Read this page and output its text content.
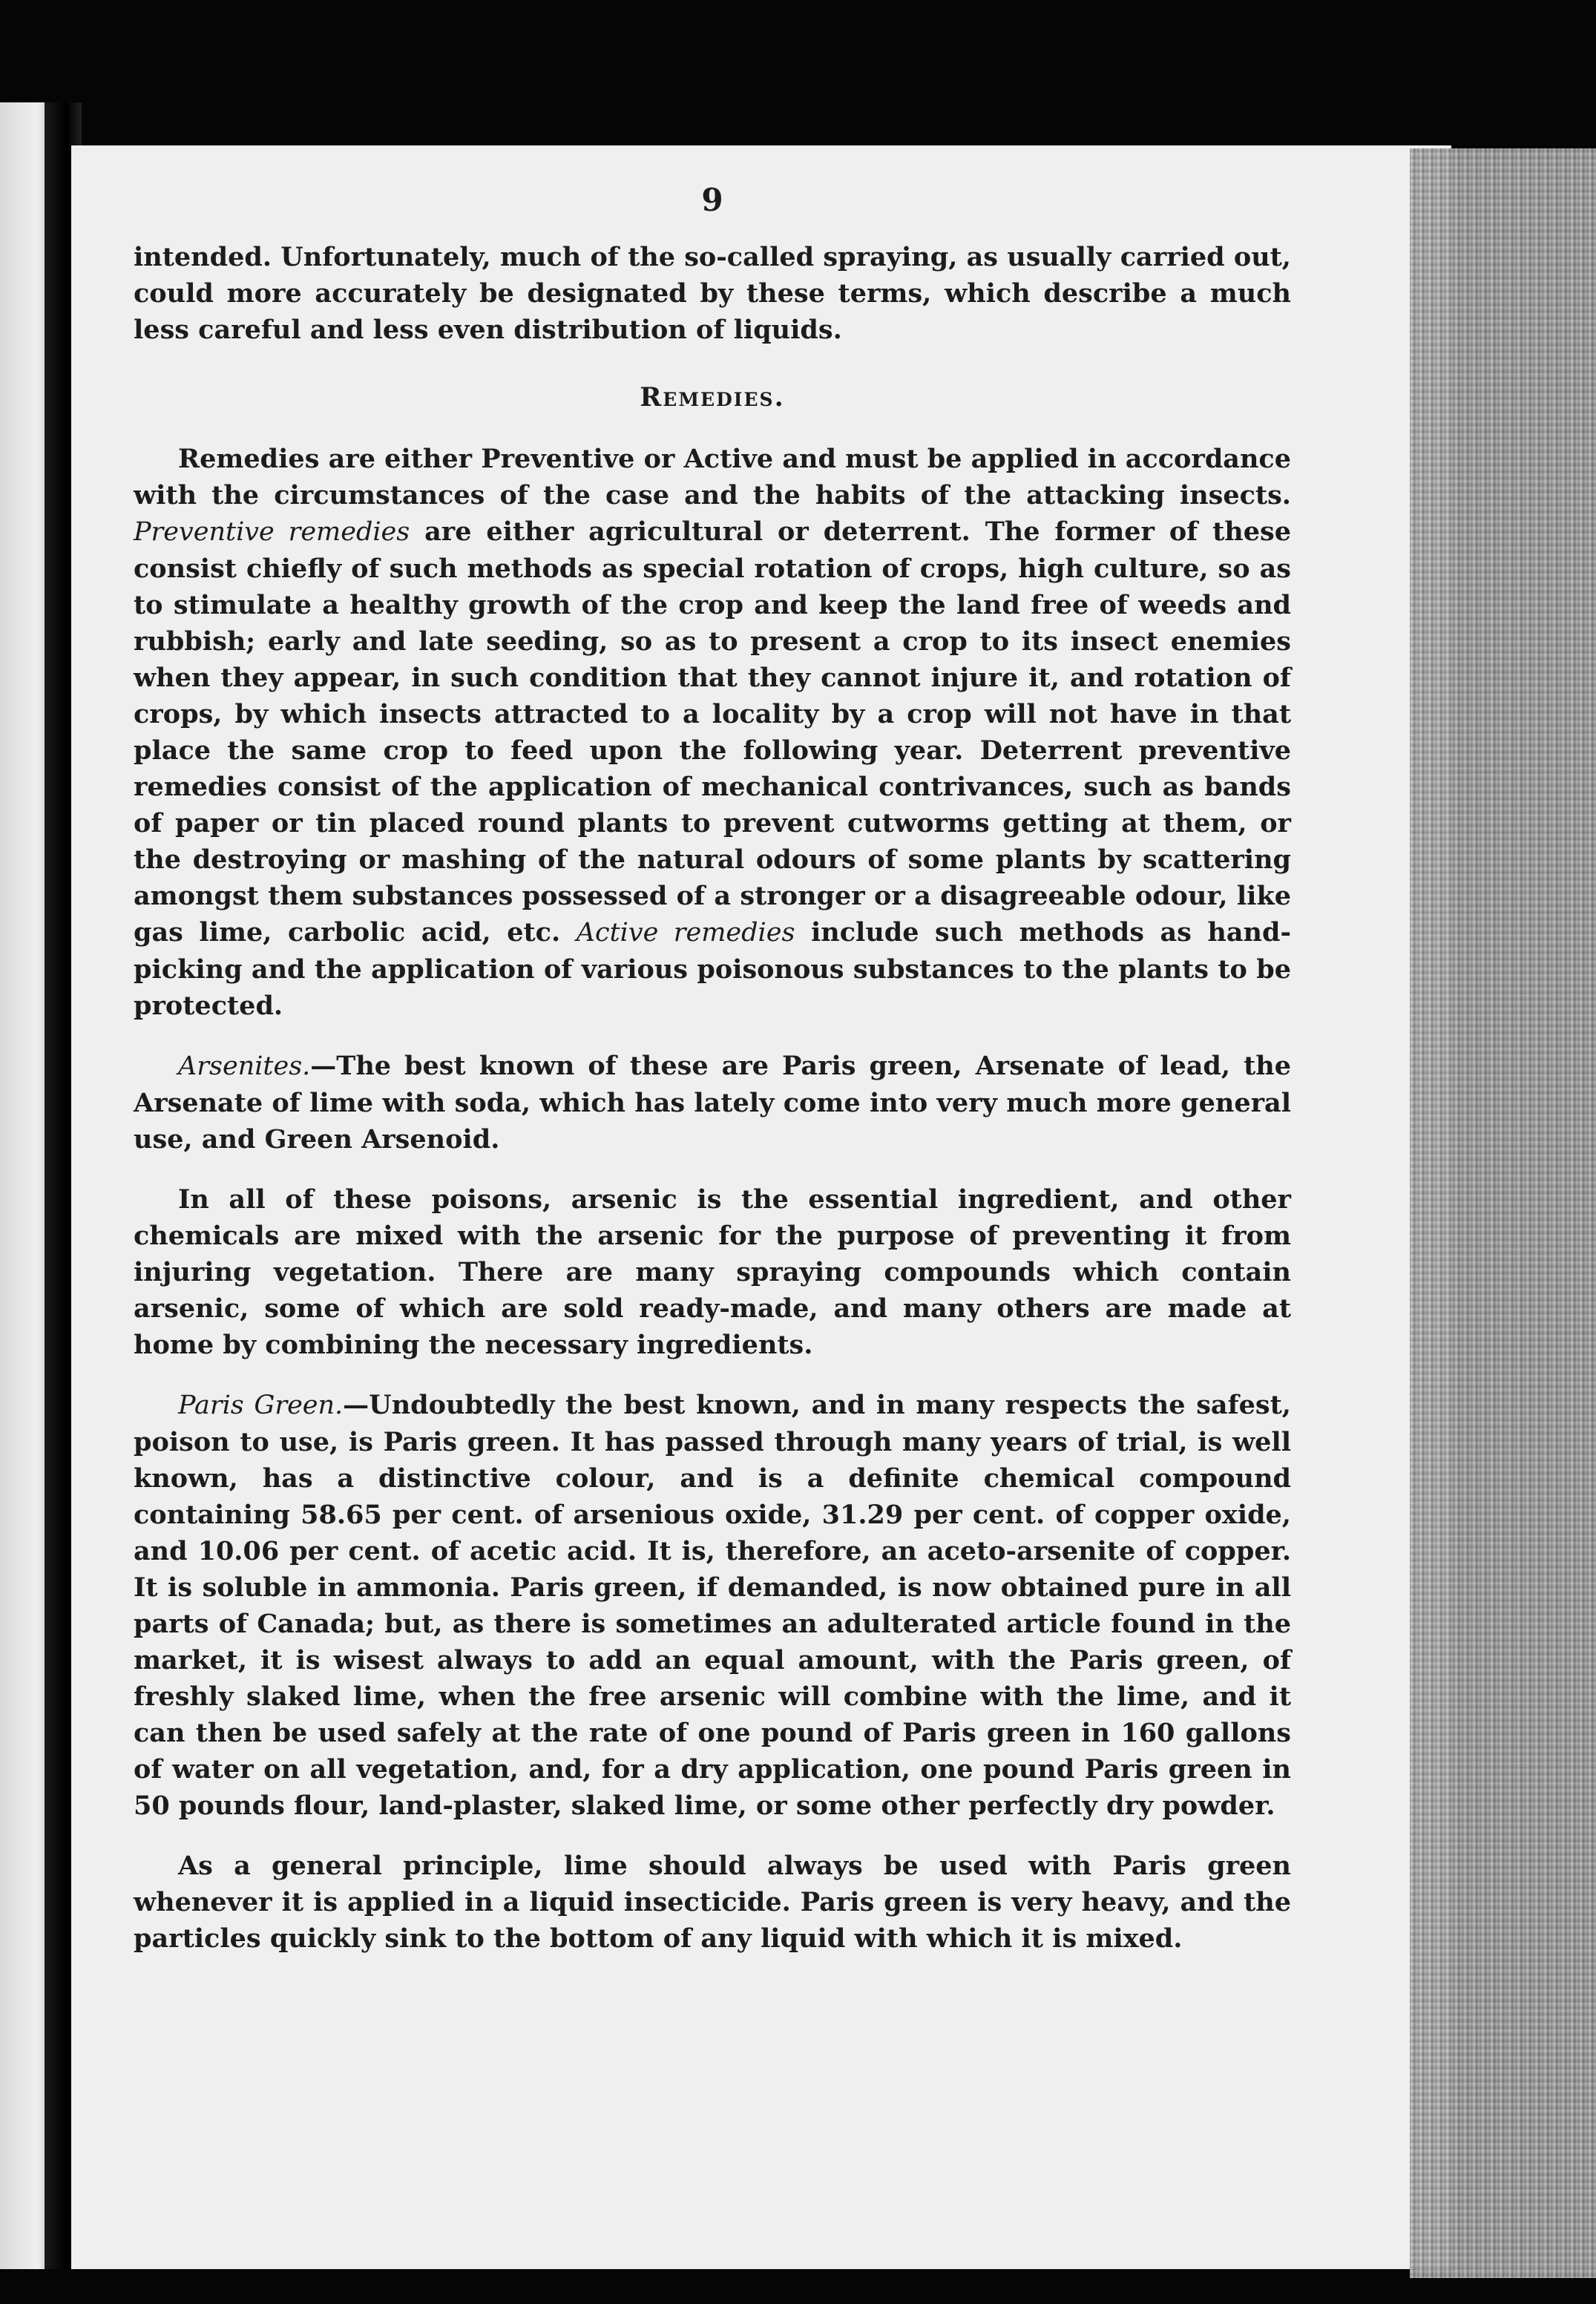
9

intended. Unfortunately, much of the so-called spraying, as usually carried out, could more accurately be designated by these terms, which describe a much less careful and less even distribution of liquids.

Remedies.

Remedies are either Preventive or Active and must be applied in accordance with the circumstances of the case and the habits of the attacking insects. Preventive remedies are either agricultural or deterrent. The former of these consist chiefly of such methods as special rotation of crops, high culture, so as to stimulate a healthy growth of the crop and keep the land free of weeds and rubbish; early and late seeding, so as to present a crop to its insect enemies when they appear, in such condition that they cannot injure it, and rotation of crops, by which insects attracted to a locality by a crop will not have in that place the same crop to feed upon the following year. Deterrent preventive remedies consist of the application of mechanical contrivances, such as bands of paper or tin placed round plants to prevent cutworms getting at them, or the destroying or mashing of the natural odours of some plants by scattering amongst them substances possessed of a stronger or a disagreeable odour, like gas lime, carbolic acid, etc. Active remedies include such methods as hand-picking and the application of various poisonous substances to the plants to be protected.

Arsenites.—The best known of these are Paris green, Arsenate of lead, the Arsenate of lime with soda, which has lately come into very much more general use, and Green Arsenoid.

In all of these poisons, arsenic is the essential ingredient, and other chemicals are mixed with the arsenic for the purpose of preventing it from injuring vegetation. There are many spraying compounds which contain arsenic, some of which are sold ready-made, and many others are made at home by combining the necessary ingredients.

Paris Green.—Undoubtedly the best known, and in many respects the safest, poison to use, is Paris green. It has passed through many years of trial, is well known, has a distinctive colour, and is a definite chemical compound containing 58.65 per cent. of arsenious oxide, 31.29 per cent. of copper oxide, and 10.06 per cent. of acetic acid. It is, therefore, an aceto-arsenite of copper. It is soluble in ammonia. Paris green, if demanded, is now obtained pure in all parts of Canada; but, as there is sometimes an adulterated article found in the market, it is wisest always to add an equal amount, with the Paris green, of freshly slaked lime, when the free arsenic will combine with the lime, and it can then be used safely at the rate of one pound of Paris green in 160 gallons of water on all vegetation, and, for a dry application, one pound Paris green in 50 pounds flour, land-plaster, slaked lime, or some other perfectly dry powder.

As a general principle, lime should always be used with Paris green whenever it is applied in a liquid insecticide. Paris green is very heavy, and the particles quickly sink to the bottom of any liquid with which it is mixed.
